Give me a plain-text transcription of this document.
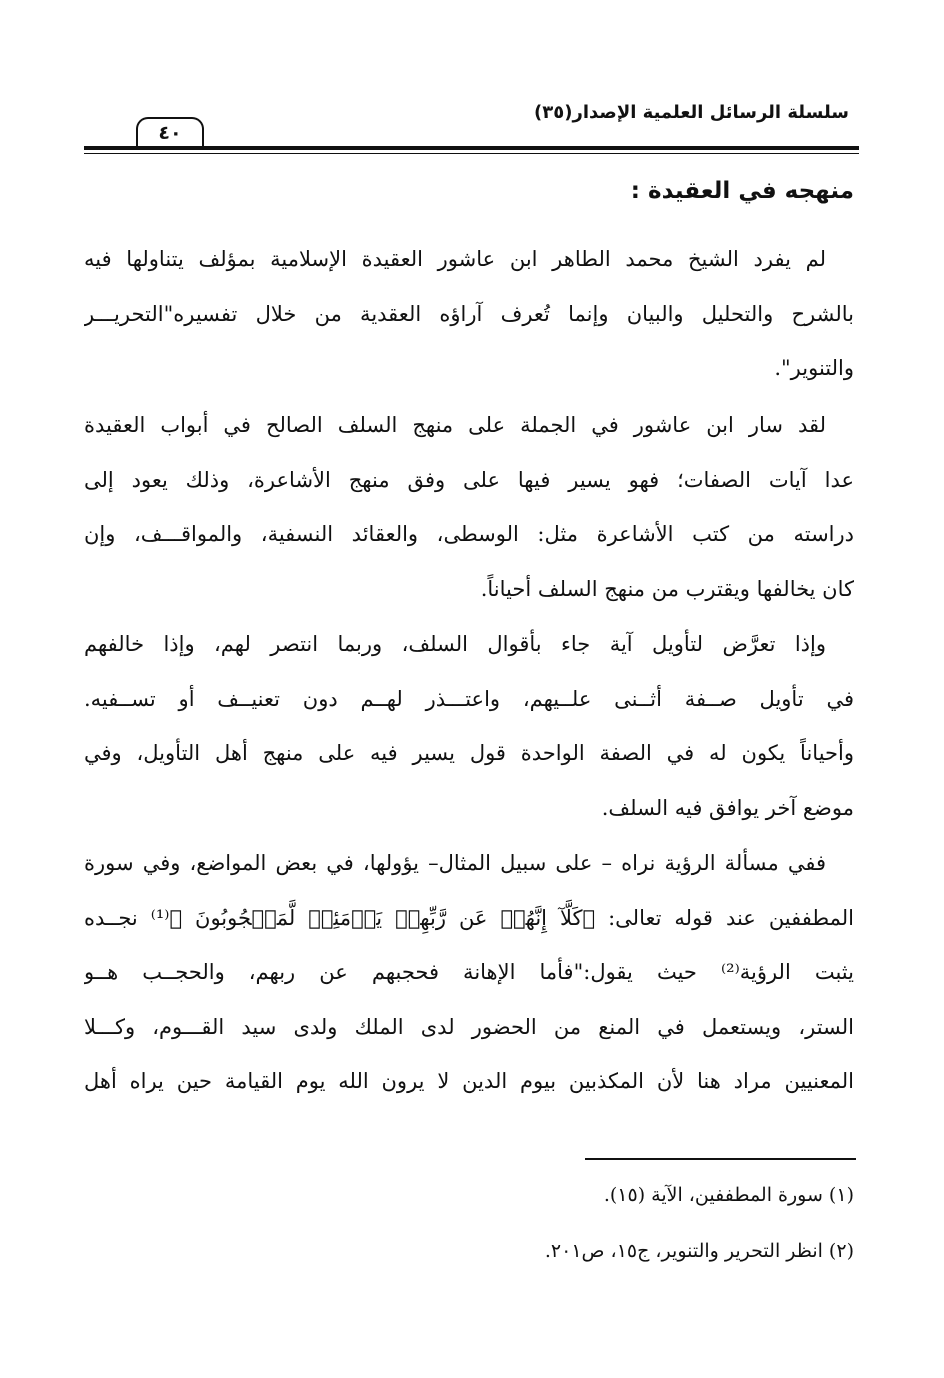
سلسلة الرسائل العلمية الإصدار(٣٥)
٤٠
منهجه في العقيدة :
لم يفرد الشيخ محمد الطاهر ابن عاشور العقيدة الإسلامية بمؤلف يتناولها فيه
بالشرح والتحليل والبيان وإنما تُعرف آراؤه العقدية من خلال تفسيره"التحريـــر
والتنوير".
لقد سار ابن عاشور في الجملة على منهج السلف الصالح في أبواب العقيدة
عدا آيات الصفات؛ فهو يسير فيها على وفق منهج الأشاعرة، وذلك يعود إلى
دراسته من كتب الأشاعرة مثل: الوسطى، والعقائد النسفية، والمواقـــف، وإن
كان يخالفها ويقترب من منهج السلف أحياناً.
وإذا تعرَّض لتأويل آية جاء بأقوال السلف، وربما انتصر لهم، وإذا خالفهم
في تأويل صــفة أثــنى علــيهم، واعتـــذر لهــم دون تعنيــف أو تســفيه.
وأحياناً يكون له في الصفة الواحدة قول يسير فيه على منهج أهل التأويل، وفي
موضع آخر يوافق فيه السلف.
ففي مسألة الرؤية نراه – على سبيل المثال– يؤولها، في بعض المواضع، وفي سورة
المطففين عند قوله تعالى: ﴿كَلَّآ إِنَّهُمۡ عَن رَّبِّهِمۡ يَوۡمَئِذٖ لَّمَحۡجُوبُونَ ﴾⁽¹⁾ نجــده
يثبت الرؤية⁽²⁾ حيث يقول:"فأما الإهانة فحجبهم عن ربهم، والحجــب هــو
الستر، ويستعمل في المنع من الحضور لدى الملك ولدى سيد القـــوم، وكـــلا
المعنيين مراد هنا لأن المكذبين بيوم الدين لا يرون الله يوم القيامة حين يراه أهل
(١) سورة المطففين، الآية (١٥).
(٢) انظر التحرير والتنوير، ج١٥، ص٢٠١.
